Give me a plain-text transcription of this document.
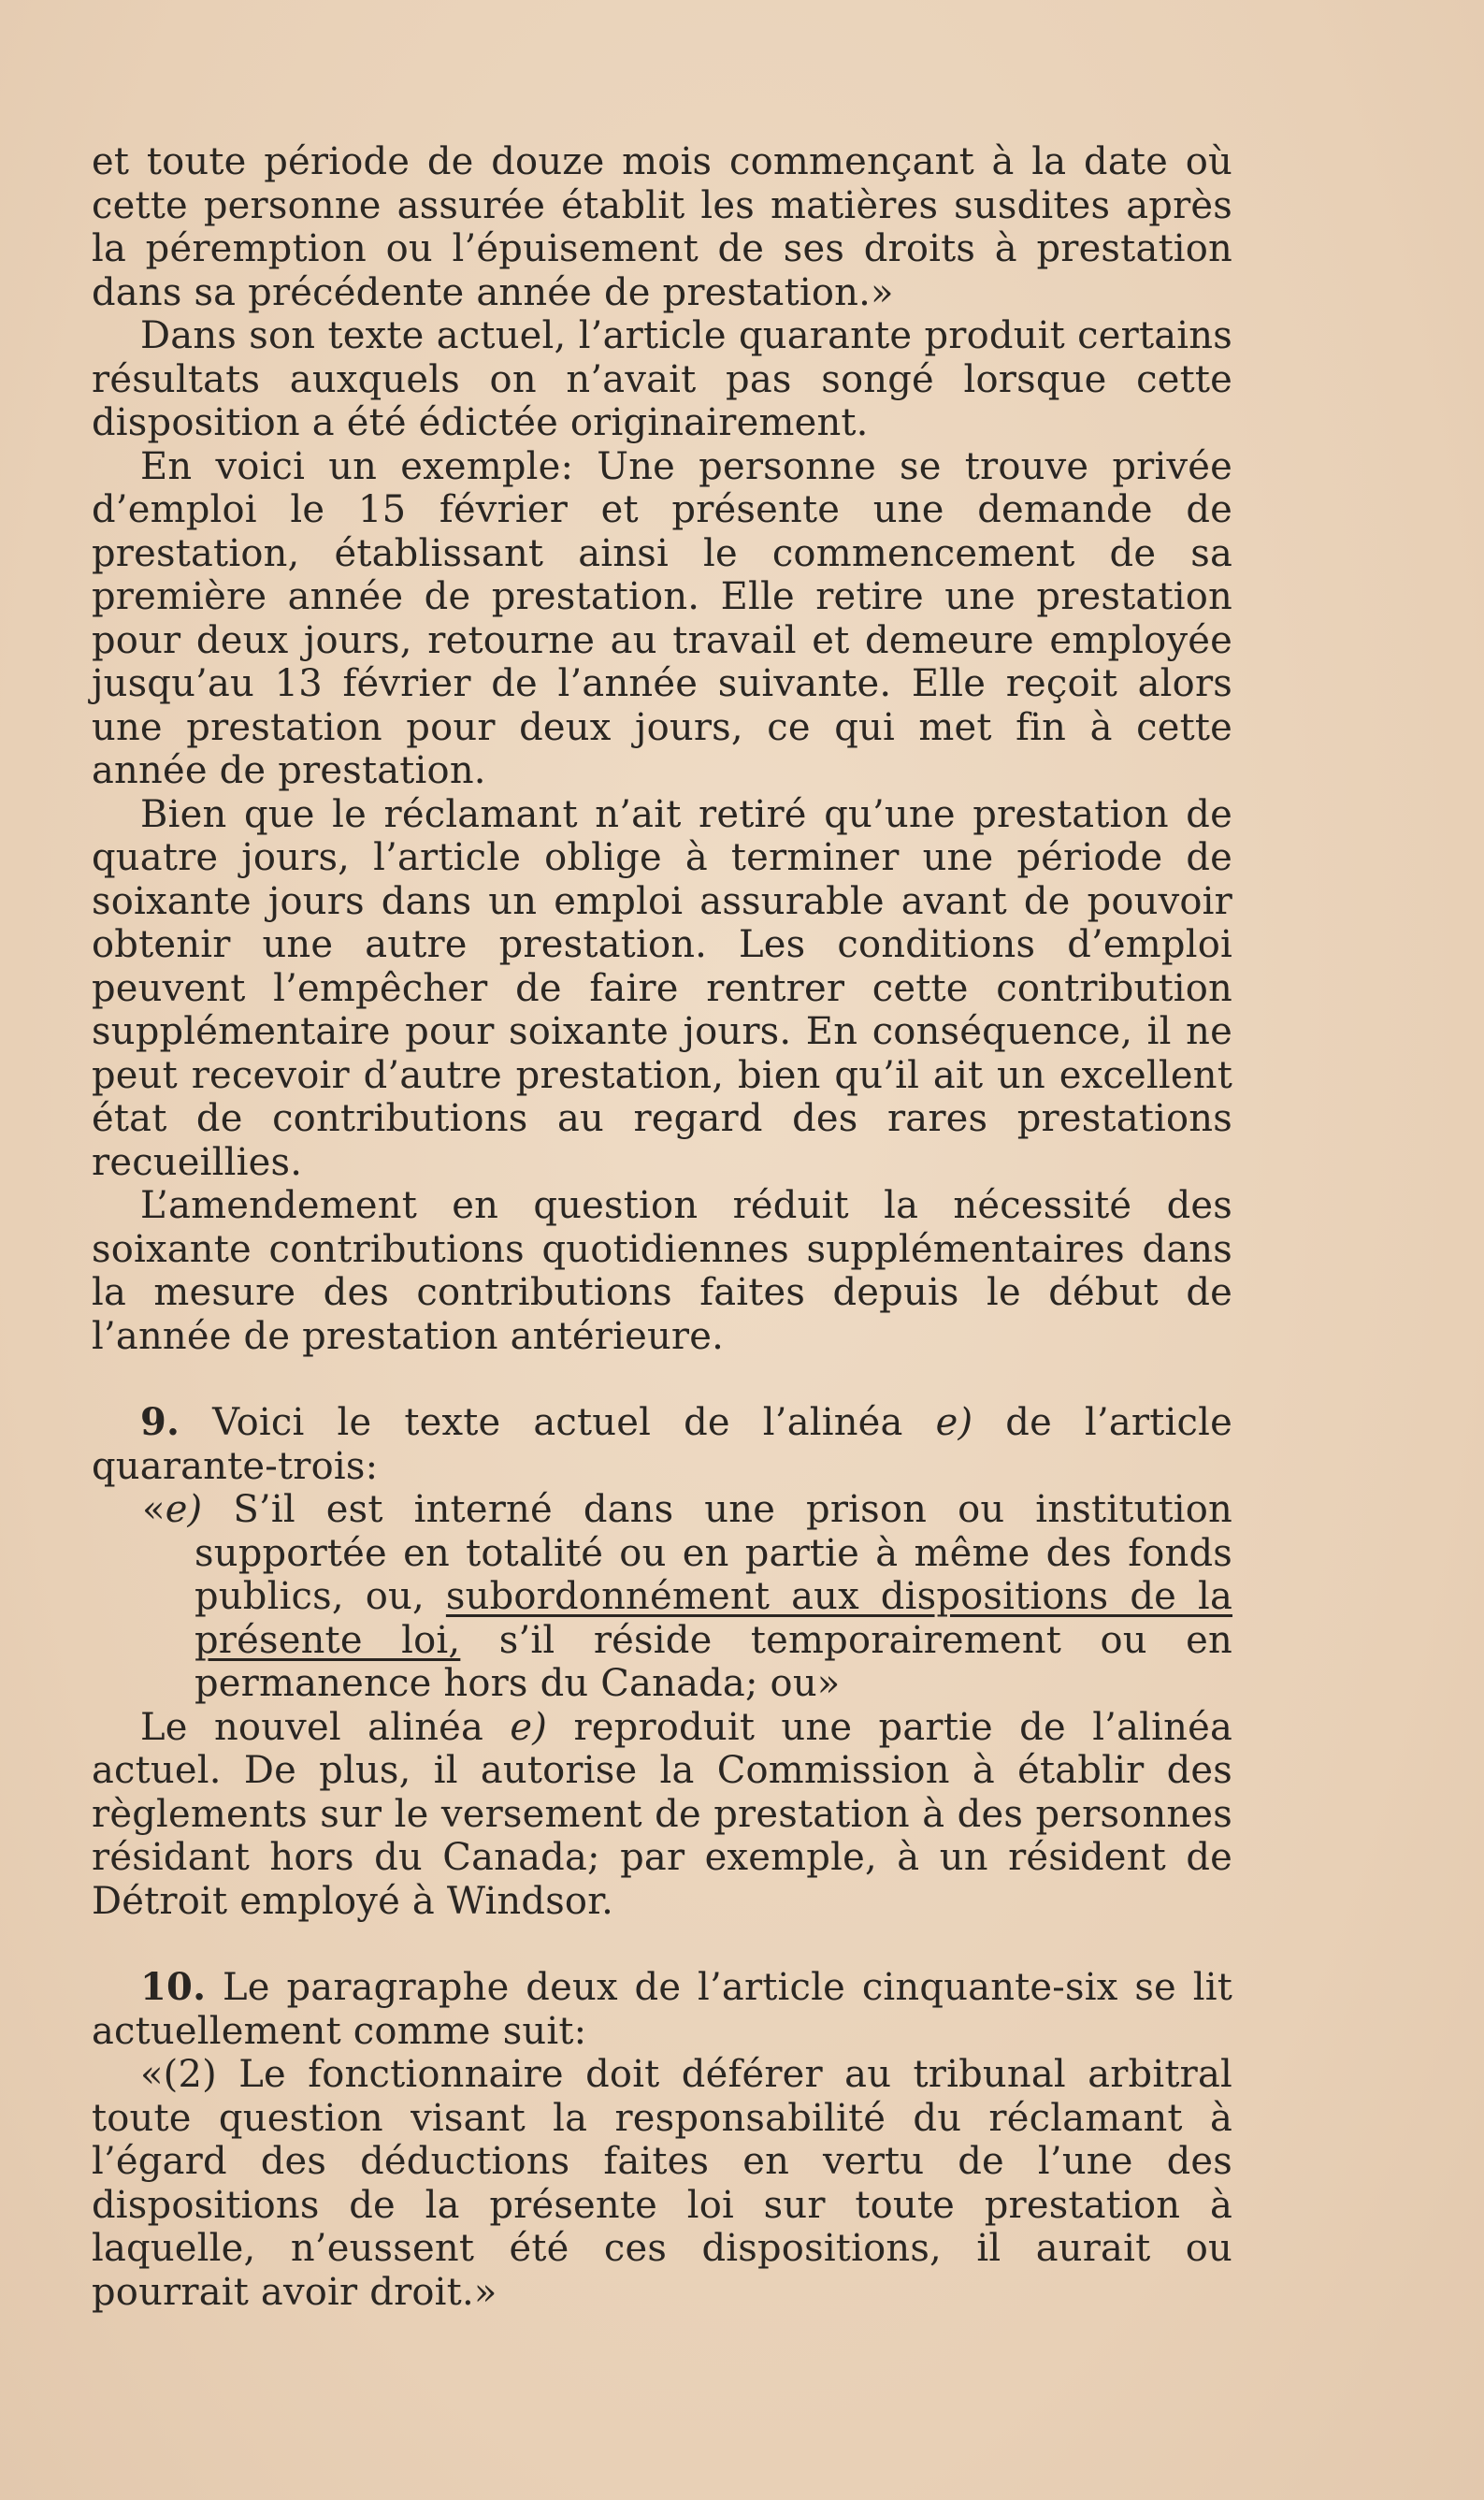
et toute période de douze mois commençant à la date où cette personne assurée établit les matières susdites après la péremption ou l’épuisement de ses droits à prestation dans sa précédente année de prestation.»

Dans son texte actuel, l’article quarante produit certains résultats auxquels on n’avait pas songé lorsque cette disposition a été édictée originairement.

En voici un exemple: Une personne se trouve privée d’emploi le 15 février et présente une demande de prestation, établissant ainsi le commencement de sa première année de prestation. Elle retire une prestation pour deux jours, retourne au travail et demeure employée jusqu’au 13 février de l’année suivante. Elle reçoit alors une prestation pour deux jours, ce qui met fin à cette année de prestation.

Bien que le réclamant n’ait retiré qu’une prestation de quatre jours, l’article oblige à terminer une période de soixante jours dans un emploi assurable avant de pouvoir obtenir une autre prestation. Les conditions d’emploi peuvent l’empêcher de faire rentrer cette contribution supplémentaire pour soixante jours. En conséquence, il ne peut recevoir d’autre prestation, bien qu’il ait un excellent état de contributions au regard des rares prestations recueillies.

L’amendement en question réduit la nécessité des soixante contributions quotidiennes supplémentaires dans la mesure des contributions faites depuis le début de l’année de prestation antérieure.

9. Voici le texte actuel de l’alinéa e) de l’article quarante-trois:

«e) S’il est interné dans une prison ou institution supportée en totalité ou en partie à même des fonds publics, ou, subordonnément aux dispositions de la présente loi, s’il réside temporairement ou en permanence hors du Canada; ou»

Le nouvel alinéa e) reproduit une partie de l’alinéa actuel. De plus, il autorise la Commission à établir des règlements sur le versement de prestation à des personnes résidant hors du Canada; par exemple, à un résident de Détroit employé à Windsor.

10. Le paragraphe deux de l’article cinquante-six se lit actuellement comme suit:

«(2) Le fonctionnaire doit déférer au tribunal arbitral toute question visant la responsabilité du réclamant à l’égard des déductions faites en vertu de l’une des dispositions de la présente loi sur toute prestation à laquelle, n’eussent été ces dispositions, il aurait ou pourrait avoir droit.»
